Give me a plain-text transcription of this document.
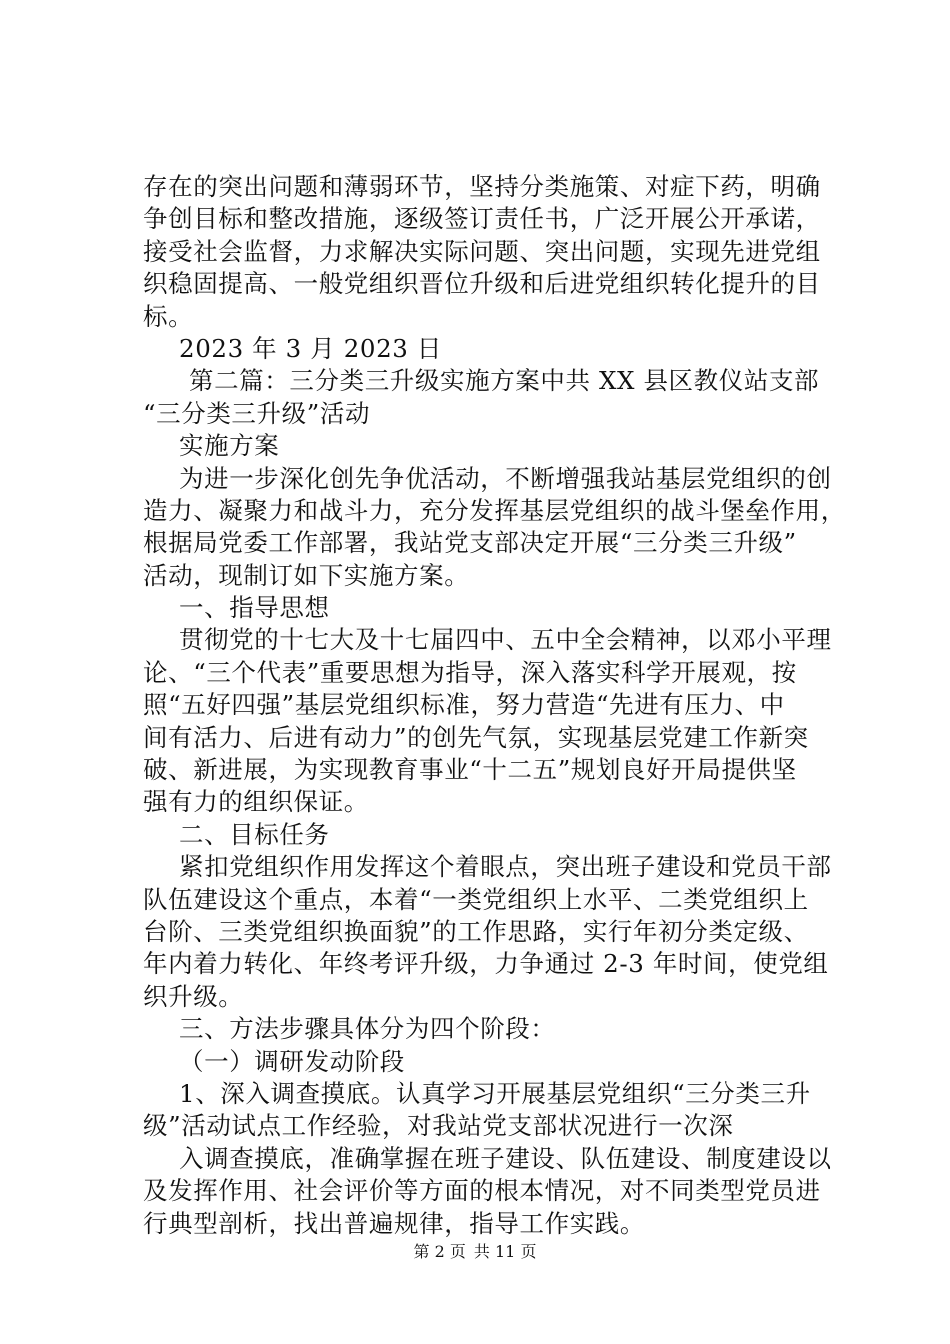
存在的突出问题和薄弱环节，坚持分类施策、对症下药，明确
争创目标和整改措施，逐级签订责任书，广泛开展公开承诺，
接受社会监督，力求解决实际问题、突出问题，实现先进党组
织稳固提高、一般党组织晋位升级和后进党组织转化提升的目
标。
2023 年 3 月 2023 日
第二篇：三分类三升级实施方案中共 XX 县区教仪站支部
“三分类三升级”活动
实施方案
为进一步深化创先争优活动，不断增强我站基层党组织的创
造力、凝聚力和战斗力，充分发挥基层党组织的战斗堡垒作用，
根据局党委工作部署，我站党支部决定开展“三分类三升级”
活动，现制订如下实施方案。
一、指导思想
贯彻党的十七大及十七届四中、五中全会精神，以邓小平理
论、“三个代表”重要思想为指导，深入落实科学开展观，按
照“五好四强”基层党组织标准，努力营造“先进有压力、中
间有活力、后进有动力”的创先气氛，实现基层党建工作新突
破、新进展，为实现教育事业“十二五”规划良好开局提供坚
强有力的组织保证。
二、目标任务
紧扣党组织作用发挥这个着眼点，突出班子建设和党员干部
队伍建设这个重点，本着“一类党组织上水平、二类党组织上
台阶、三类党组织换面貌”的工作思路，实行年初分类定级、
年内着力转化、年终考评升级，力争通过 2-3 年时间，使党组
织升级。
三、方法步骤具体分为四个阶段：
（一）调研发动阶段
1、深入调查摸底。认真学习开展基层党组织“三分类三升
级”活动试点工作经验，对我站党支部状况进行一次深
入调查摸底，准确掌握在班子建设、队伍建设、制度建设以
及发挥作用、社会评价等方面的根本情况，对不同类型党员进
行典型剖析，找出普遍规律，指导工作实践。
第 2 页 共 11 页
